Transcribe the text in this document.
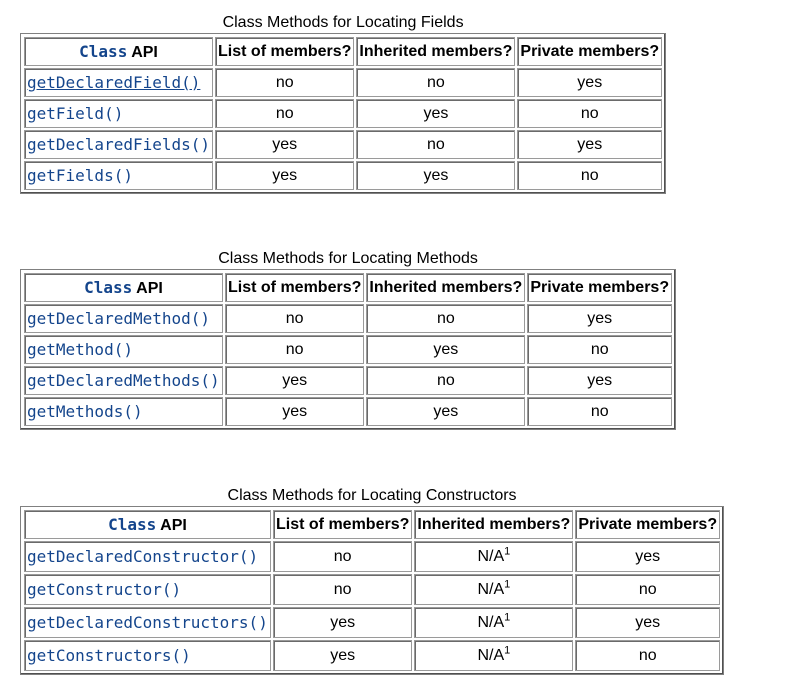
Class Methods for Locating Fields
Class API	List of members?	Inherited members?	Private members?
getDeclaredField()	no	no	yes
getField()	no	yes	no
getDeclaredFields()	yes	no	yes
getFields()	yes	yes	no
Class Methods for Locating Methods
Class API	List of members?	Inherited members?	Private members?
getDeclaredMethod()	no	no	yes
getMethod()	no	yes	no
getDeclaredMethods()	yes	no	yes
getMethods()	yes	yes	no
Class Methods for Locating Constructors
Class API	List of members?	Inherited members?	Private members?
getDeclaredConstructor()	no	$N/A^1$	yes
getConstructor()	no	$N/A^1$	no
getDeclaredConstructors()	yes	$N/A^1$	yes
getConstructors()	yes	$N/A^1$	no
